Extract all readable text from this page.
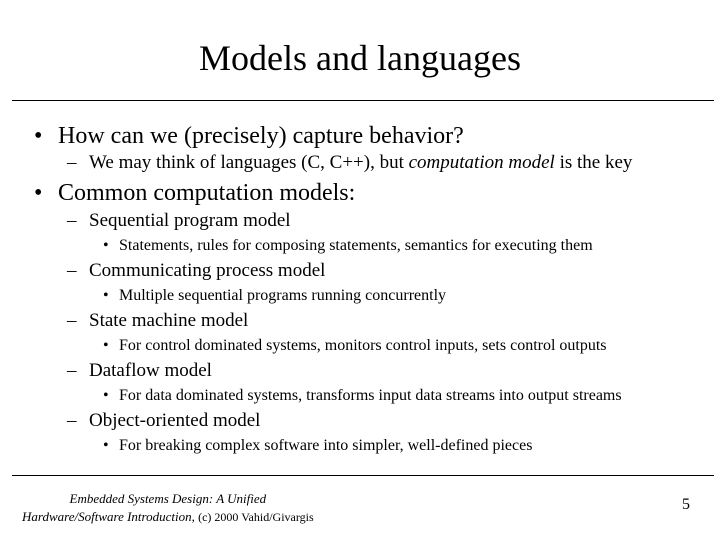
Models and languages
• How can we (precisely) capture behavior?
– We may think of languages (C, C++), but computation model is the key
• Common computation models:
– Sequential program model
• Statements, rules for composing statements, semantics for executing them
– Communicating process model
• Multiple sequential programs running concurrently
– State machine model
• For control dominated systems, monitors control inputs, sets control outputs
– Dataflow model
• For data dominated systems, transforms input data streams into output streams
– Object-oriented model
• For breaking complex software into simpler, well-defined pieces
Embedded Systems Design: A Unified
Hardware/Software Introduction, (c) 2000 Vahid/Givargis
5
